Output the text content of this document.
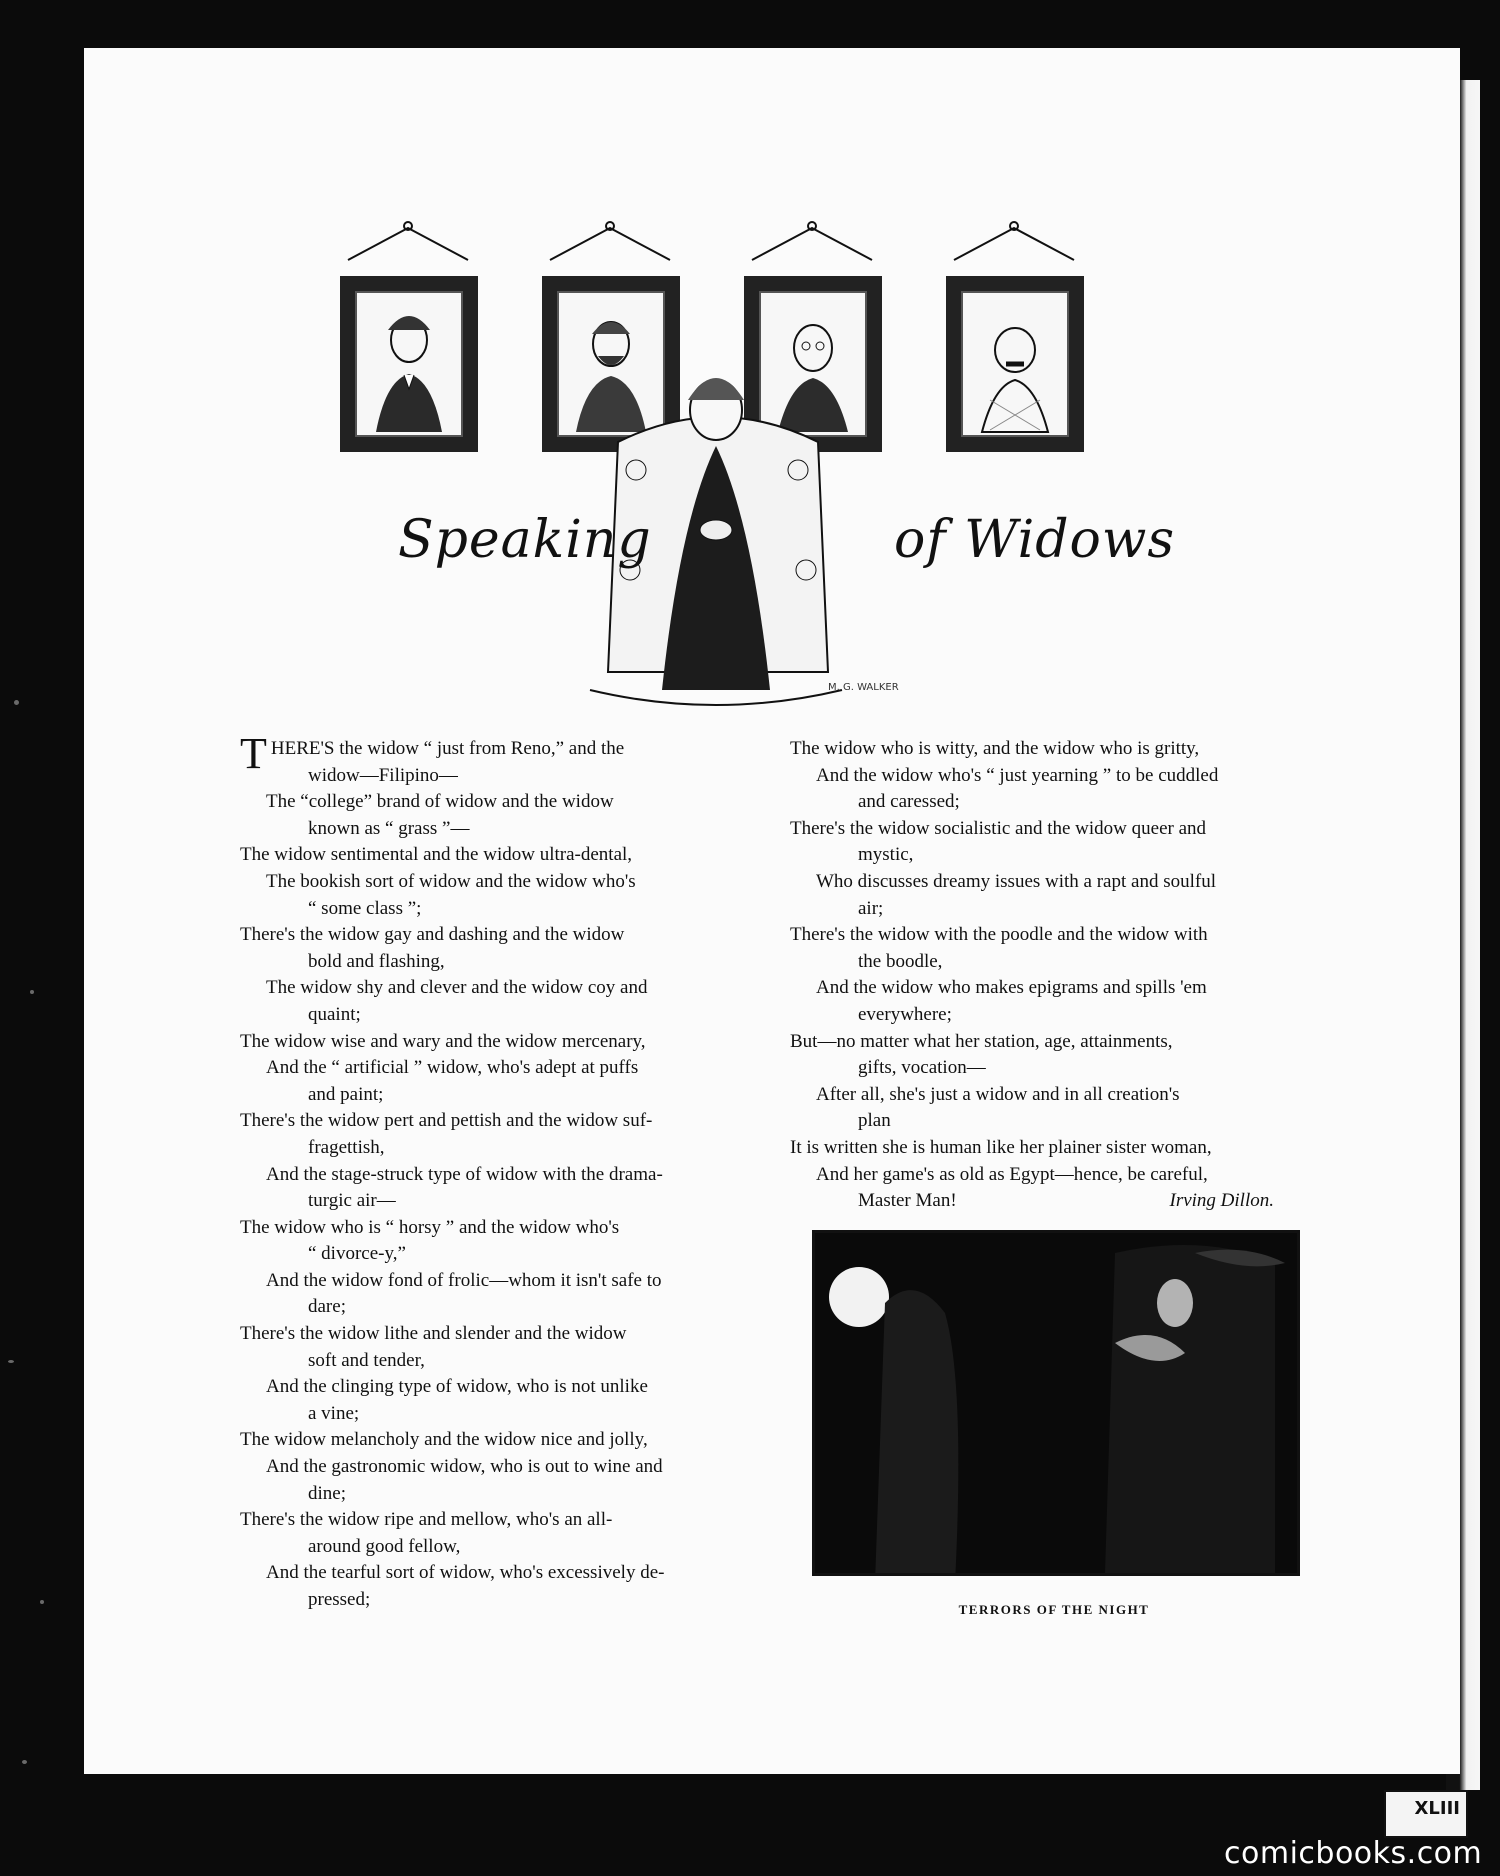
M. G. WALKER
Speaking	of Widows
THERE'S the widow “ just from Reno,” and the
widow—Filipino—
The “college” brand of widow and the widow
known as “ grass ”—
The widow sentimental and the widow ultra-dental,
The bookish sort of widow and the widow who's
“ some class ”;
There's the widow gay and dashing and the widow
bold and flashing,
The widow shy and clever and the widow coy and
quaint;
The widow wise and wary and the widow mercenary,
And the “ artificial ” widow, who's adept at puffs
and paint;
There's the widow pert and pettish and the widow suf-
fragettish,
And the stage-struck type of widow with the drama-
turgic air—
The widow who is “ horsy ” and the widow who's
“ divorce-y,”
And the widow fond of frolic—whom it isn't safe to
dare;
There's the widow lithe and slender and the widow
soft and tender,
And the clinging type of widow, who is not unlike
a vine;
The widow melancholy and the widow nice and jolly,
And the gastronomic widow, who is out to wine and
dine;
There's the widow ripe and mellow, who's an all-
around good fellow,
And the tearful sort of widow, who's excessively de-
pressed;
The widow who is witty, and the widow who is gritty,
And the widow who's “ just yearning ” to be cuddled
and caressed;
There's the widow socialistic and the widow queer and
mystic,
Who discusses dreamy issues with a rapt and soulful
air;
There's the widow with the poodle and the widow with
the boodle,
And the widow who makes epigrams and spills 'em
everywhere;
But—no matter what her station, age, attainments,
gifts, vocation—
After all, she's just a widow and in all creation's
plan
It is written she is human like her plainer sister woman,
And her game's as old as Egypt—hence, be careful,
Master Man!	Irving Dillon.
TERRORS OF THE NIGHT
XLIII
comicbooks.com
